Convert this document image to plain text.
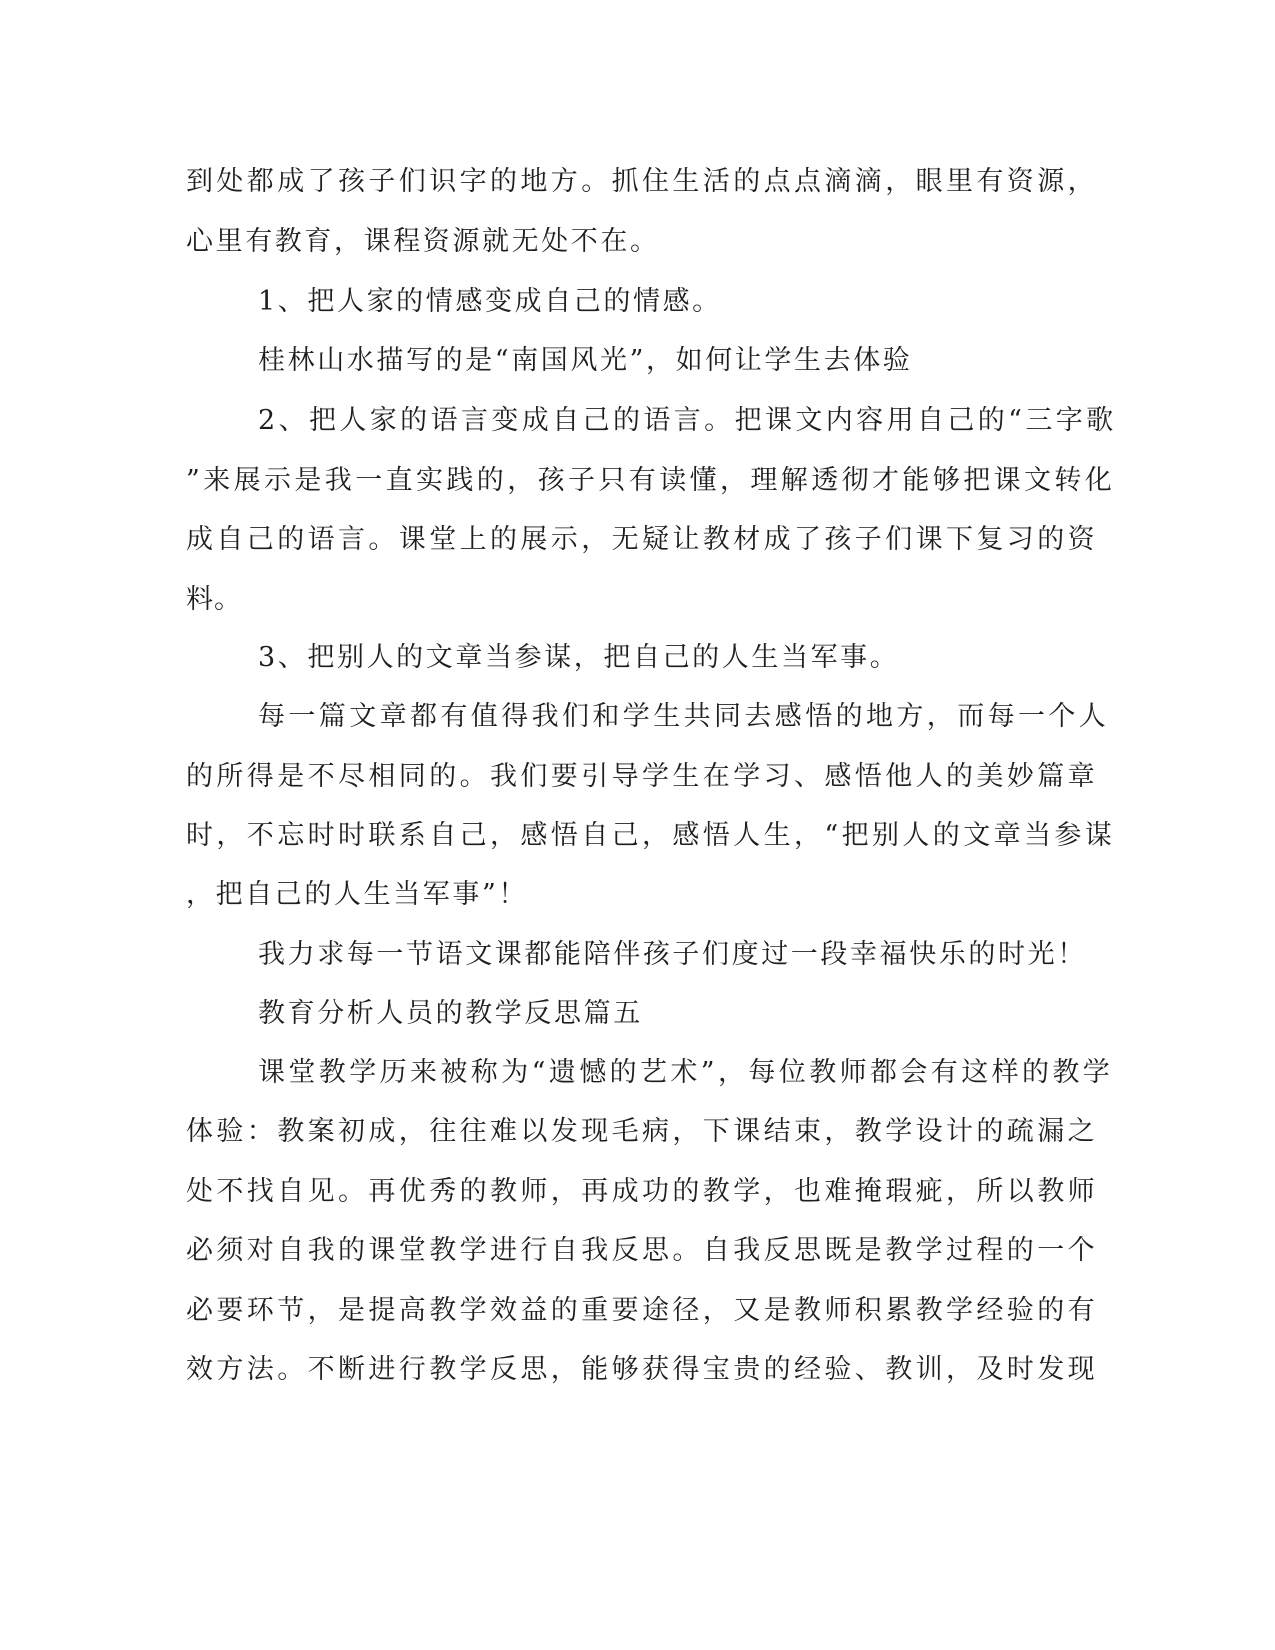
到处都成了孩子们识字的地方。抓住生活的点点滴滴，眼里有资源，
心里有教育，课程资源就无处不在。
1、把人家的情感变成自己的情感。
桂林山水描写的是“南国风光”，如何让学生去体验
2、把人家的语言变成自己的语言。把课文内容用自己的“三字歌
”来展示是我一直实践的，孩子只有读懂，理解透彻才能够把课文转化
成自己的语言。课堂上的展示，无疑让教材成了孩子们课下复习的资
料。
3、把别人的文章当参谋，把自己的人生当军事。
每一篇文章都有值得我们和学生共同去感悟的地方，而每一个人
的所得是不尽相同的。我们要引导学生在学习、感悟他人的美妙篇章
时，不忘时时联系自己，感悟自己，感悟人生，“把别人的文章当参谋
，把自己的人生当军事”！
我力求每一节语文课都能陪伴孩子们度过一段幸福快乐的时光！
教育分析人员的教学反思篇五
课堂教学历来被称为“遗憾的艺术”，每位教师都会有这样的教学
体验：教案初成，往往难以发现毛病，下课结束，教学设计的疏漏之
处不找自见。再优秀的教师，再成功的教学，也难掩瑕疵，所以教师
必须对自我的课堂教学进行自我反思。自我反思既是教学过程的一个
必要环节，是提高教学效益的重要途径，又是教师积累教学经验的有
效方法。不断进行教学反思，能够获得宝贵的经验、教训，及时发现
